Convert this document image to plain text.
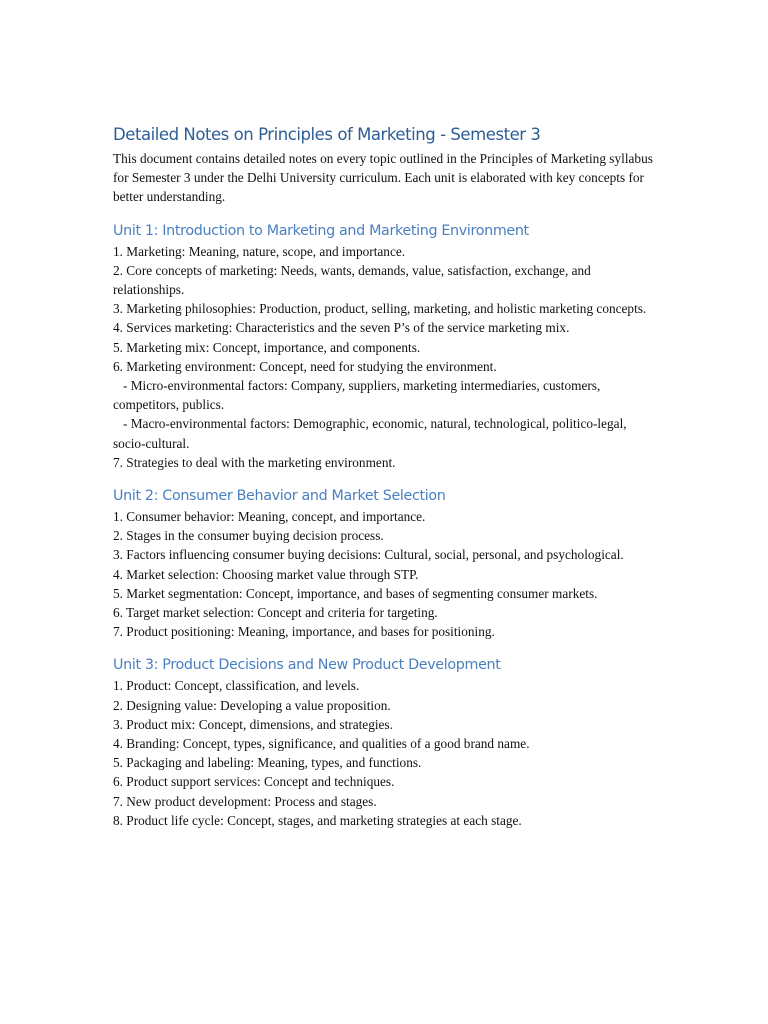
Detailed Notes on Principles of Marketing - Semester 3

This document contains detailed notes on every topic outlined in the Principles of Marketing syllabus for Semester 3 under the Delhi University curriculum. Each unit is elaborated with key concepts for better understanding.

Unit 1: Introduction to Marketing and Marketing Environment
1. Marketing: Meaning, nature, scope, and importance.
2. Core concepts of marketing: Needs, wants, demands, value, satisfaction, exchange, and relationships.
3. Marketing philosophies: Production, product, selling, marketing, and holistic marketing concepts.
4. Services marketing: Characteristics and the seven P’s of the service marketing mix.
5. Marketing mix: Concept, importance, and components.
6. Marketing environment: Concept, need for studying the environment.
- Micro-environmental factors: Company, suppliers, marketing intermediaries, customers, competitors, publics.
- Macro-environmental factors: Demographic, economic, natural, technological, politico-legal, socio-cultural.
7. Strategies to deal with the marketing environment.
Unit 2: Consumer Behavior and Market Selection
1. Consumer behavior: Meaning, concept, and importance.
2. Stages in the consumer buying decision process.
3. Factors influencing consumer buying decisions: Cultural, social, personal, and psychological.
4. Market selection: Choosing market value through STP.
5. Market segmentation: Concept, importance, and bases of segmenting consumer markets.
6. Target market selection: Concept and criteria for targeting.
7. Product positioning: Meaning, importance, and bases for positioning.
Unit 3: Product Decisions and New Product Development
1. Product: Concept, classification, and levels.
2. Designing value: Developing a value proposition.
3. Product mix: Concept, dimensions, and strategies.
4. Branding: Concept, types, significance, and qualities of a good brand name.
5. Packaging and labeling: Meaning, types, and functions.
6. Product support services: Concept and techniques.
7. New product development: Process and stages.
8. Product life cycle: Concept, stages, and marketing strategies at each stage.
